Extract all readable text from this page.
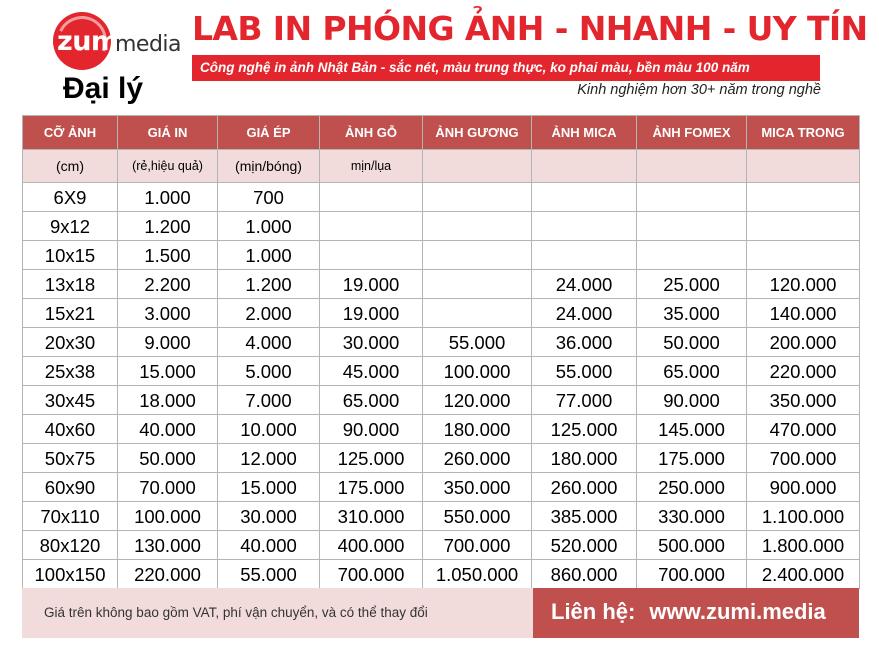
zumi
media
Đại lý
LAB IN PHÓNG ẢNH - NHANH - UY TÍN
Công nghệ in ảnh Nhật Bản - sắc nét, màu trung thực, ko phai màu, bền màu 100 năm
Kinh nghiệm hơn 30+ năm trong nghề
CỠ ẢNH	GIÁ IN	GIÁ ÉP	ẢNH GỖ	ẢNH GƯƠNG	ẢNH MICA	ẢNH FOMEX	MICA TRONG
(cm)	(rẻ,hiệu quả)	(mịn/bóng)	mịn/lụa				
6X9	1.000	700					
9x12	1.200	1.000					
10x15	1.500	1.000					
13x18	2.200	1.200	19.000		24.000	25.000	120.000
15x21	3.000	2.000	19.000		24.000	35.000	140.000
20x30	9.000	4.000	30.000	55.000	36.000	50.000	200.000
25x38	15.000	5.000	45.000	100.000	55.000	65.000	220.000
30x45	18.000	7.000	65.000	120.000	77.000	90.000	350.000
40x60	40.000	10.000	90.000	180.000	125.000	145.000	470.000
50x75	50.000	12.000	125.000	260.000	180.000	175.000	700.000
60x90	70.000	15.000	175.000	350.000	260.000	250.000	900.000
70x110	100.000	30.000	310.000	550.000	385.000	330.000	1.100.000
80x120	130.000	40.000	400.000	700.000	520.000	500.000	1.800.000
100x150	220.000	55.000	700.000	1.050.000	860.000	700.000	2.400.000
Giá trên không bao gồm VAT, phí vận chuyển, và có thể thay đổi	Liên hệ: www.zumi.media
